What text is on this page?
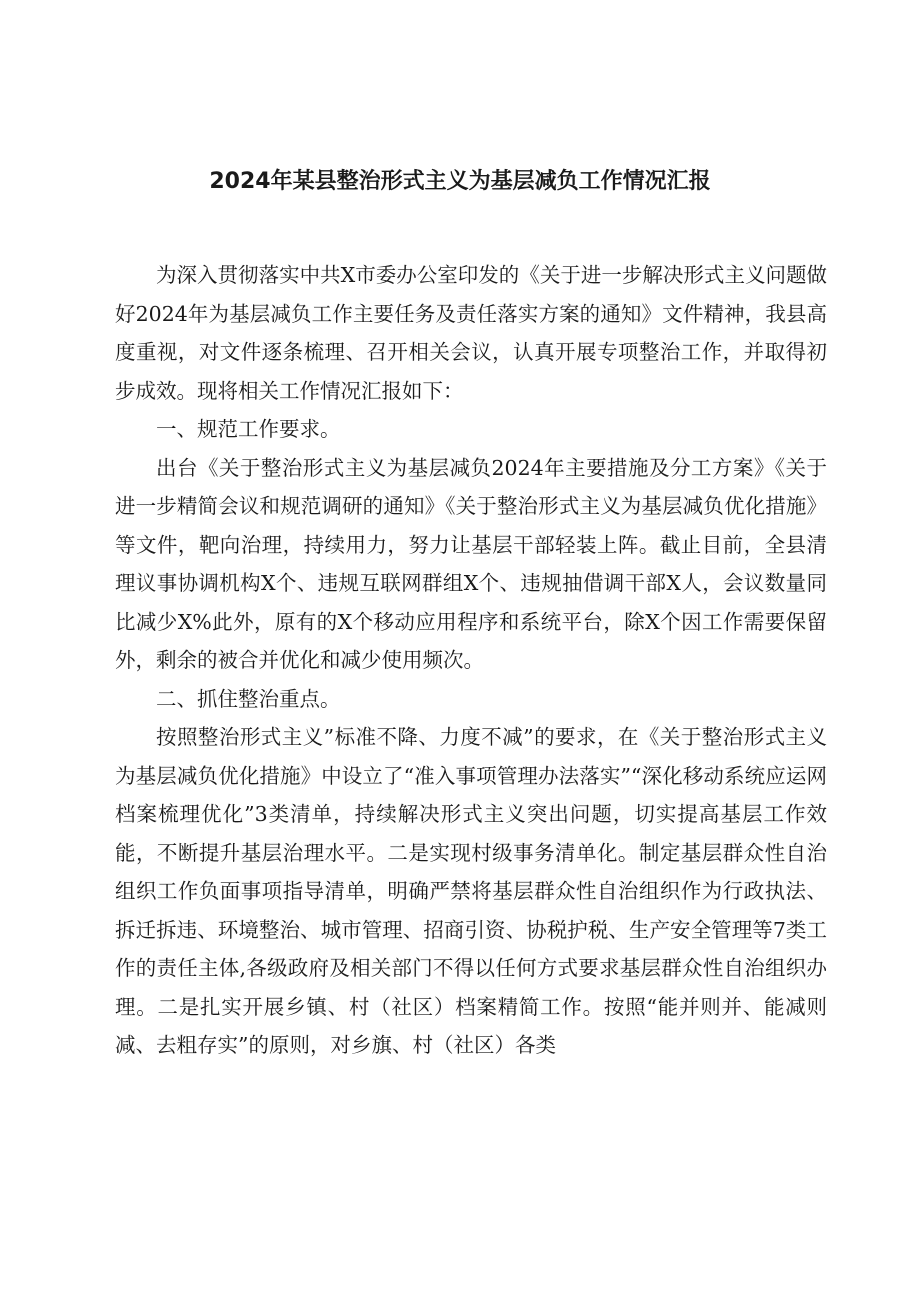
2024年某县整治形式主义为基层减负工作情况汇报

为深入贯彻落实中共X市委办公室印发的《关于进一步解决形式主义问题做好2024年为基层减负工作主要任务及责任落实方案的通知》文件精神，我县高度重视，对文件逐条梳理、召开相关会议，认真开展专项整治工作，并取得初步成效。现将相关工作情况汇报如下：

一、规范工作要求。

出台《关于整治形式主义为基层减负2024年主要措施及分工方案》《关于进一步精简会议和规范调研的通知》《关于整治形式主义为基层减负优化措施》等文件，靶向治理，持续用力，努力让基层干部轻装上阵。截止目前，全县清理议事协调机构X个、违规互联网群组X个、违规抽借调干部X人，会议数量同比减少X%此外，原有的X个移动应用程序和系统平台，除X个因工作需要保留外，剩余的被合并优化和减少使用频次。

二、抓住整治重点。

按照整治形式主义”标准不降、力度不减”的要求，在《关于整治形式主义为基层减负优化措施》中设立了“准入事项管理办法落实”“深化移动系统应运网档案梳理优化”3类清单，持续解决形式主义突出问题，切实提高基层工作效能，不断提升基层治理水平。二是实现村级事务清单化。制定基层群众性自治组织工作负面事项指导清单，明确严禁将基层群众性自治组织作为行政执法、拆迁拆违、环境整治、城市管理、招商引资、协税护税、生产安全管理等7类工作的责任主体,各级政府及相关部门不得以任何方式要求基层群众性自治组织办理。二是扎实开展乡镇、村（社区）档案精简工作。按照“能并则并、能减则减、去粗存实”的原则，对乡旗、村（社区）各类
